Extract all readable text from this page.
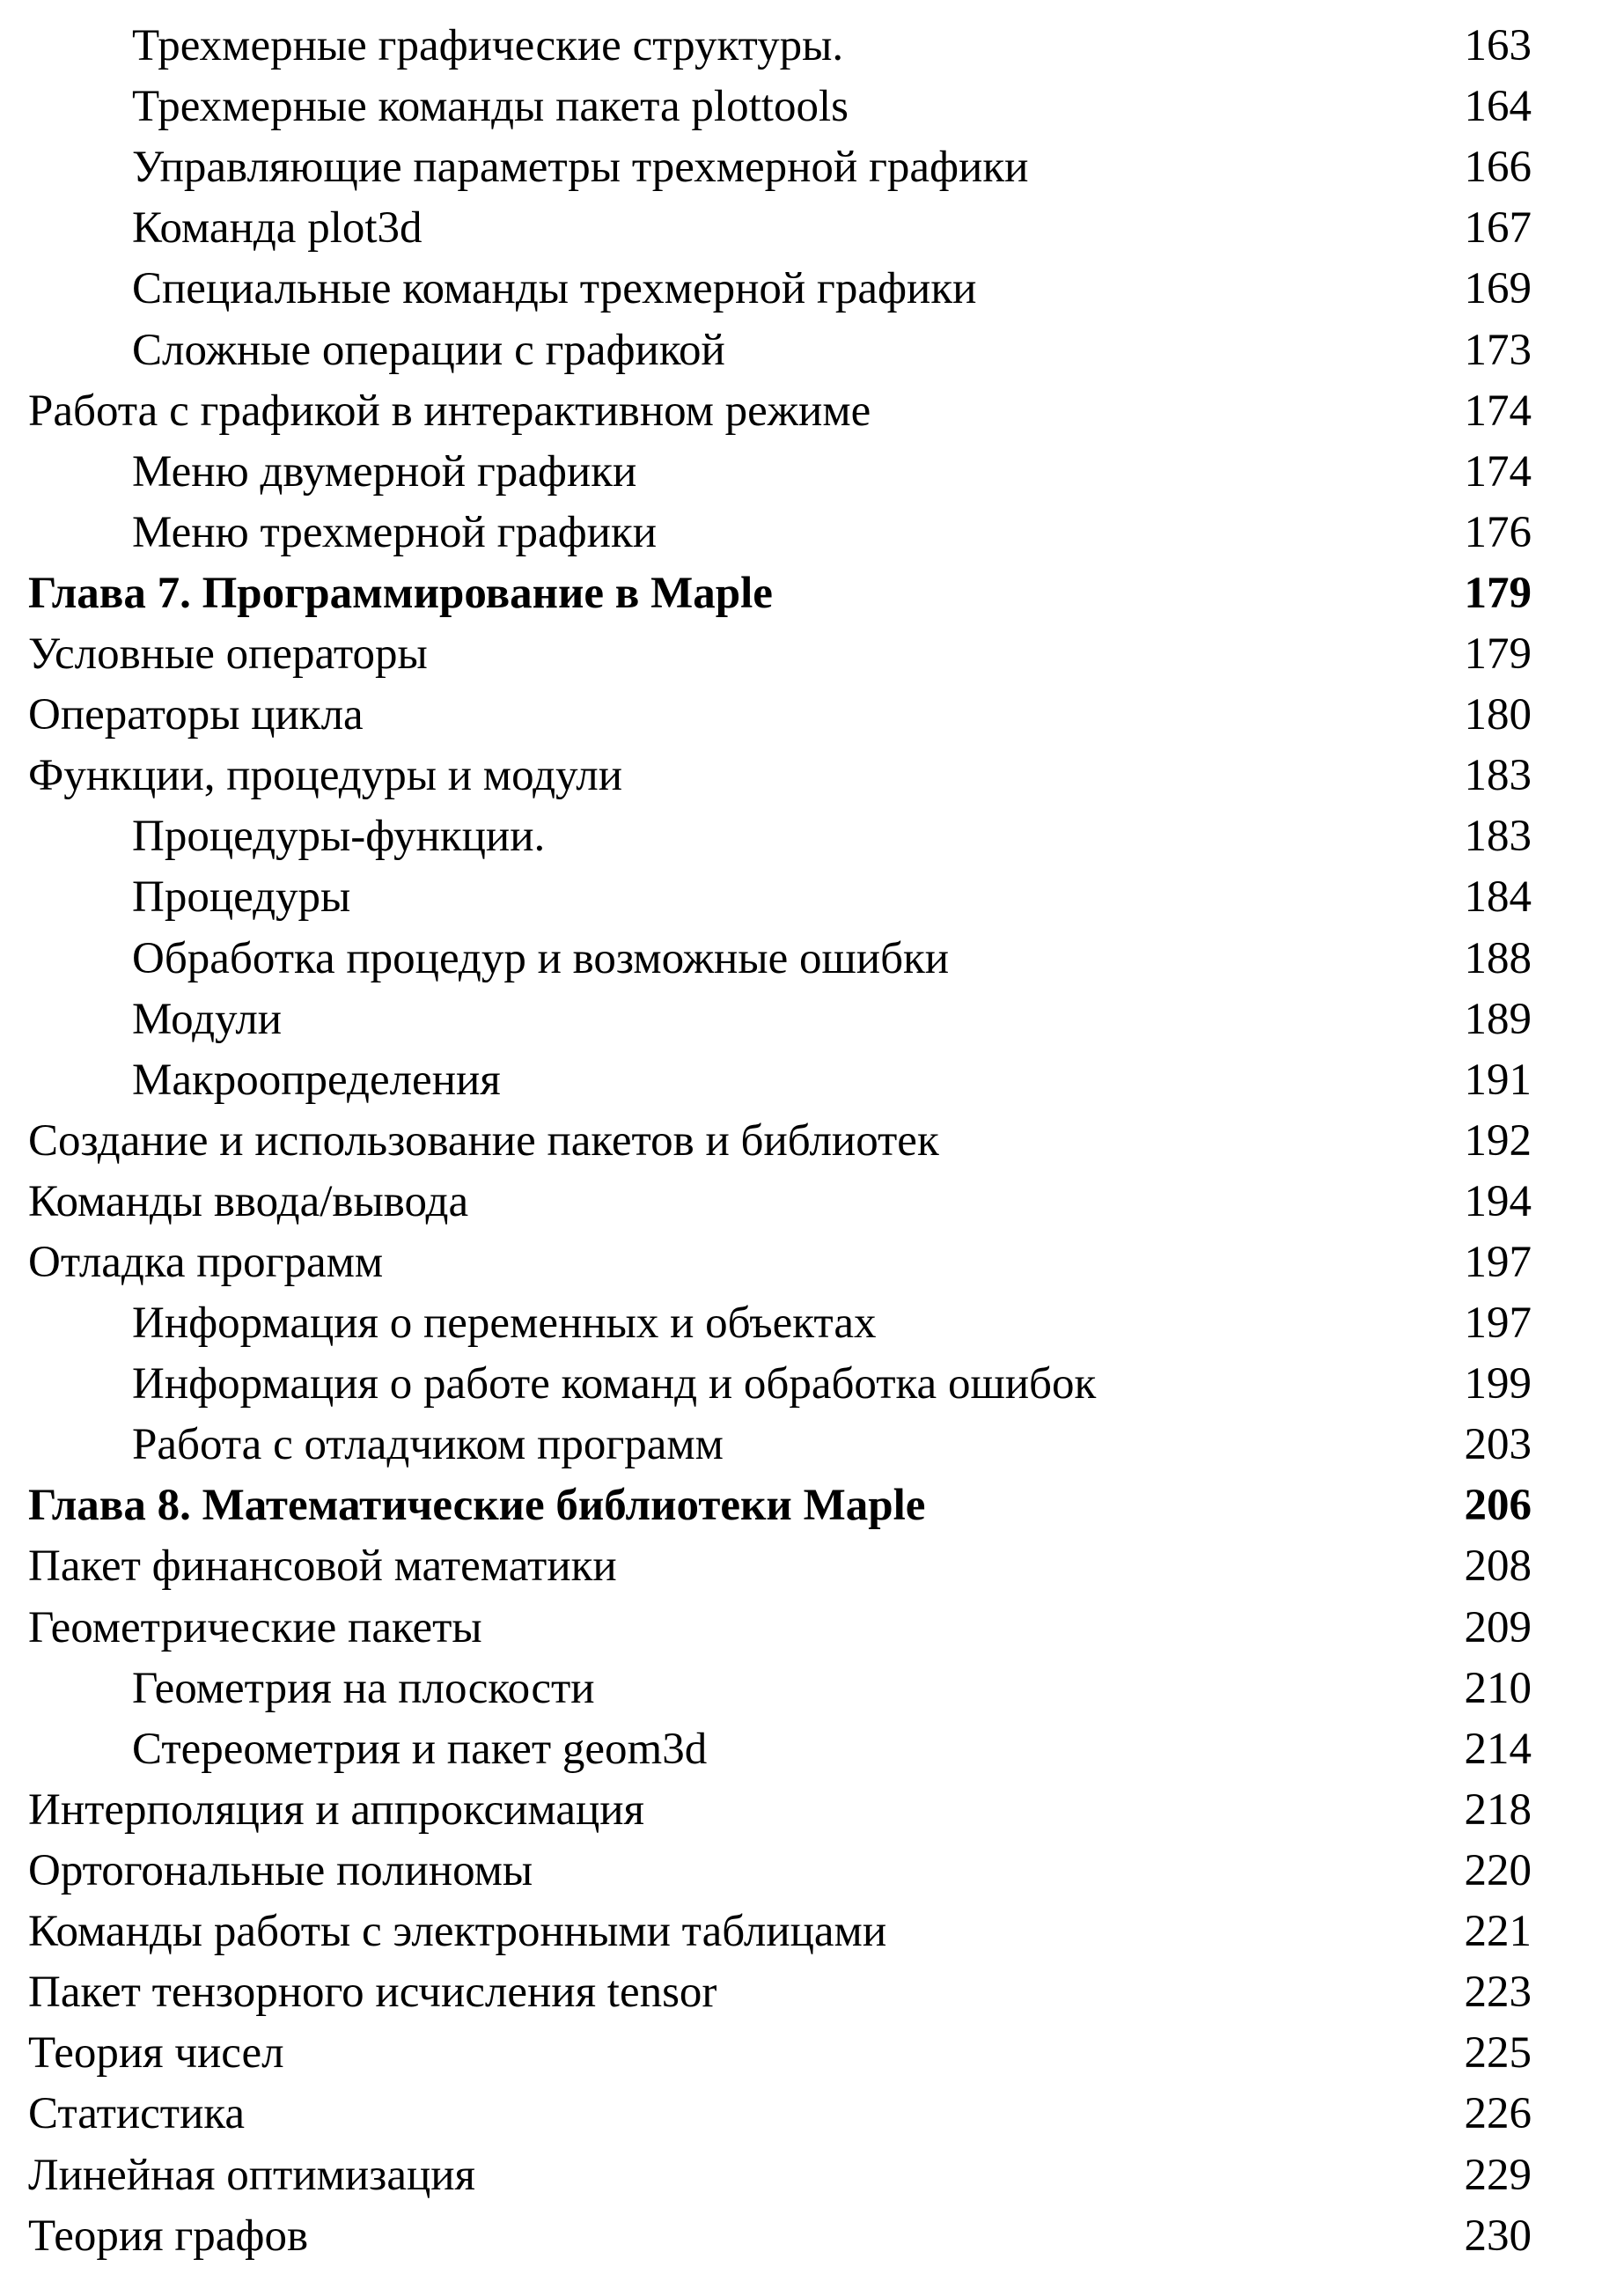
Трехмерные графические структуры.	163
Трехмерные команды пакета plottools	164
Управляющие параметры трехмерной графики	166
Команда plot3d	167
Специальные команды трехмерной графики	169
Сложные операции с графикой	173
Работа с графикой в интерактивном режиме	174
Меню двумерной графики	174
Меню трехмерной графики	176
Глава 7. Программирование в Maple	179
Условные операторы	179
Операторы цикла	180
Функции, процедуры и модули	183
Процедуры-функции.	183
Процедуры	184
Обработка процедур и возможные ошибки	188
Модули	189
Макроопределения	191
Создание и использование пакетов и библиотек	192
Команды ввода/вывода	194
Отладка программ	197
Информация о переменных и объектах	197
Информация о работе команд и обработка ошибок	199
Работа с отладчиком программ	203
Глава 8. Математические библиотеки Maple	206
Пакет финансовой математики	208
Геометрические пакеты	209
Геометрия на плоскости	210
Стереометрия и пакет geom3d	214
Интерполяция и аппроксимация	218
Ортогональные полиномы	220
Команды работы с электронными таблицами	221
Пакет тензорного исчисления tensor	223
Теория чисел	225
Статистика	226
Линейная оптимизация	229
Теория графов	230
